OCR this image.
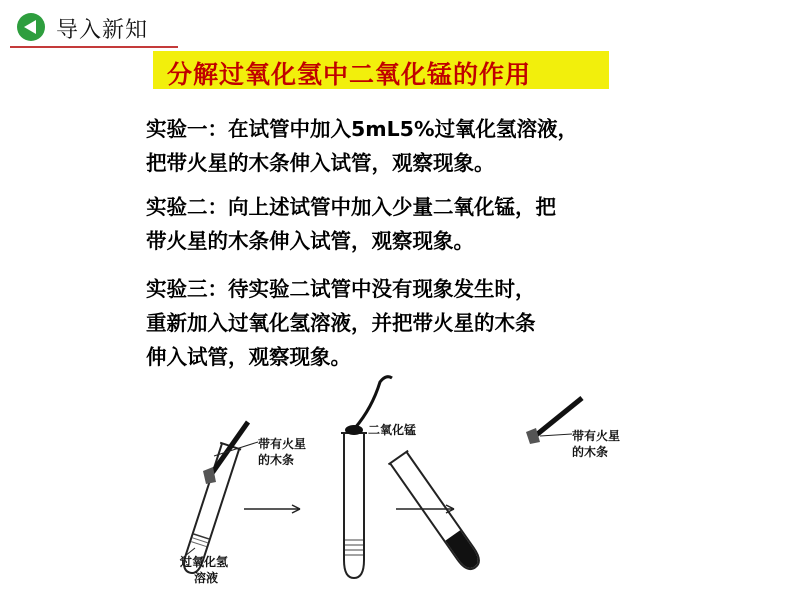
导入新知
分解过氧化氢中二氧化锰的作用
实验一：在试管中加入5mL5%过氧化氢溶液，
把带火星的木条伸入试管，观察现象。
实验二：向上述试管中加入少量二氧化锰，把
带火星的木条伸入试管，观察现象。
实验三：待实验二试管中没有现象发生时，
重新加入过氧化氢溶液，并把带火星的木条
伸入试管，观察现象。
带有火星
的木条
过氧化氢
溶液
二氧化锰	带有火星
的木条
